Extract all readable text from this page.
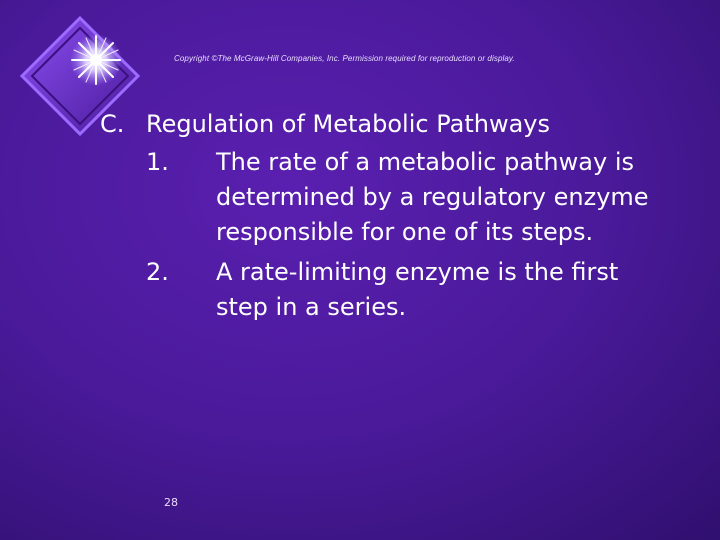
Copyright ©The McGraw-Hill Companies, Inc. Permission required for reproduction or display.
C. Regulation of Metabolic Pathways
1. The rate of a metabolic pathway is
determined by a regulatory enzyme
responsible for one of its steps.
2. A rate-limiting enzyme is the first
step in a series.
28
